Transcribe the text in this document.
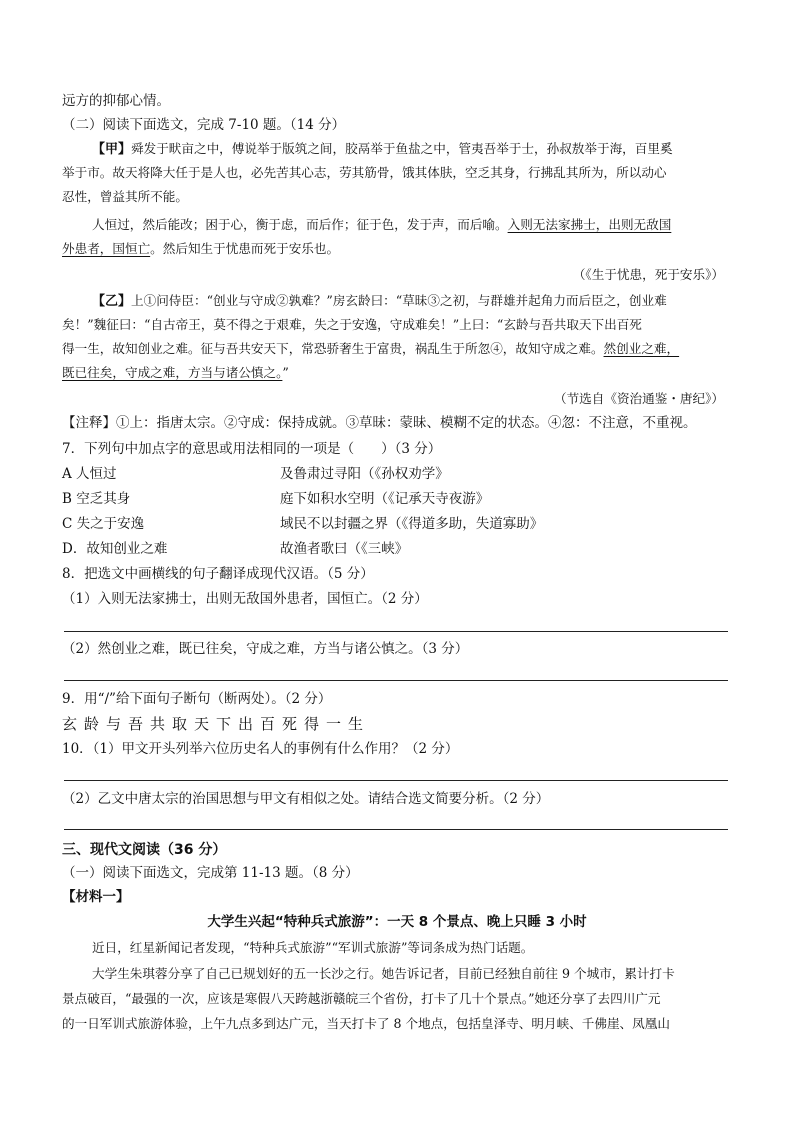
远方的抑郁心情。
（二）阅读下面选文，完成 7-10 题。（14 分）
【甲】舜发于畎亩之中，傅说举于版筑之间，胶鬲举于鱼盐之中，管夷吾举于士，孙叔敖举于海，百里奚
举于市。故天将降大任于是人也，必先苦其心志，劳其筋骨，饿其体肤，空乏其身，行拂乱其所为，所以动心
忍性，曾益其所不能。
人恒过，然后能改；困于心，衡于虑，而后作；征于色，发于声，而后喻。入则无法家拂士，出则无敌国
外患者，国恒亡。然后知生于忧患而死于安乐也。
（《生于忧患，死于安乐》）
【乙】上①问侍臣：“创业与守成②孰难？”房玄龄曰：“草昧③之初，与群雄并起角力而后臣之，创业难
矣！”魏征曰：“自古帝王，莫不得之于艰难，失之于安逸，守成难矣！”上曰：“玄龄与吾共取天下出百死
得一生，故知创业之难。征与吾共安天下，常恐骄奢生于富贵，祸乱生于所忽④，故知守成之难。然创业之难，
既已往矣，守成之难，方当与诸公慎之。”
（节选自《资治通鉴・唐纪》）
【注释】①上：指唐太宗。②守成：保持成就。③草昧：蒙昧、模糊不定的状态。④忽：不注意，不重视。
7．下列句中加点字的意思或用法相同的一项是（　　）（3 分）
A 人恒过	及鲁肃过寻阳（《孙权劝学》
B 空乏其身	庭下如积水空明（《记承天寺夜游》
C 失之于安逸	域民不以封疆之界（《得道多助，失道寡助》
D．故知创业之难	故渔者歌曰（《三峡》
8．把选文中画横线的句子翻译成现代汉语。（5 分）
（1）入则无法家拂士，出则无敌国外患者，国恒亡。（2 分）
（2）然创业之难，既已往矣，守成之难，方当与诸公慎之。（3 分）
9．用“/”给下面句子断句（断两处）。（2 分）
玄龄与吾共取天下出百死得一生
10．（1）甲文开头列举六位历史名人的事例有什么作用？（2 分）
（2）乙文中唐太宗的治国思想与甲文有相似之处。请结合选文简要分析。（2 分）
三、现代文阅读（36 分）
（一）阅读下面选文，完成第 11-13 题。（8 分）
【材料一】
大学生兴起“特种兵式旅游”：一天 8 个景点、晚上只睡 3 小时
近日，红星新闻记者发现，“特种兵式旅游”“军训式旅游”等词条成为热门话题。
大学生朱琪蓉分享了自己已规划好的五一长沙之行。她告诉记者，目前已经独自前往 9 个城市，累计打卡
景点破百，“最强的一次，应该是寒假八天跨越浙赣皖三个省份，打卡了几十个景点。”她还分享了去四川广元
的一日军训式旅游体验，上午九点多到达广元，当天打卡了 8 个地点，包括皇泽寺、明月峡、千佛崖、凤凰山
